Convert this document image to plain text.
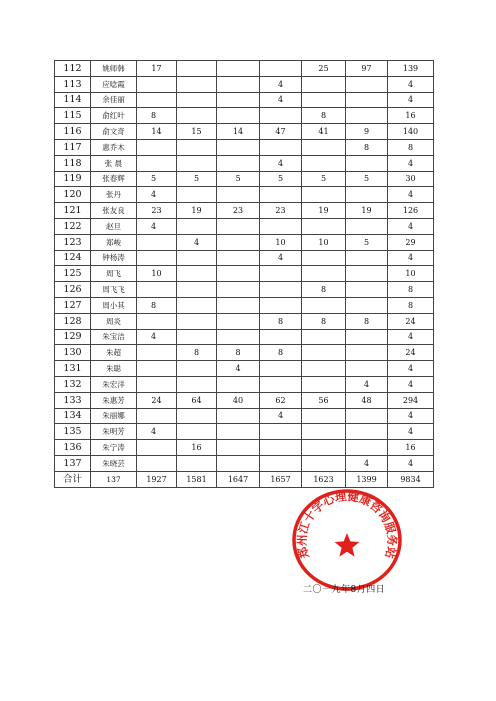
112	姚师韩	17				25	97	139
113	应唸霞				4			4
114	余佳丽				4			4
115	俞红叶	8				8		16
116	俞文奇	14	15	14	47	41	9	140
117	惠乔木						8	8
118	张 晨				4			4
119	张春辉	5	5	5	5	5	5	30
120	张丹	4						4
121	张友良	23	19	23	23	19	19	126
122	赵旦	4						4
123	郑峻		4		10	10	5	29
124	钟杨涛				4			4
125	周飞	10						10
126	周飞飞					8		8
127	周小其	8						8
128	周炎				8	8	8	24
129	朱宝洁	4						4
130	朱超		8	8	8			24
131	朱聪			4				4
132	朱宏洋						4	4
133	朱惠芳	24	64	40	62	56	48	294
134	朱丽娜				4			4
135	朱明芳	4						4
136	朱宁涛		16					16
137	朱晓芸						4	4
合计	137	1927	1581	1647	1657	1623	1399	9834
郑州江十字心理健康咨询服务站
二〇一九年8月四日
